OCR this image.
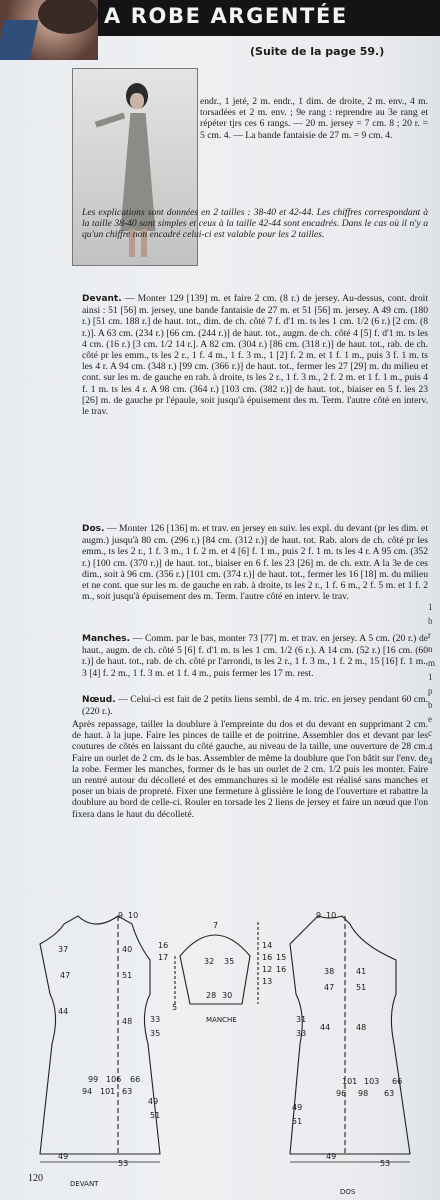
A ROBE ARGENTÉE
(Suite de la page 59.)
endr., 1 jeté, 2 m. endr., 1 dim. de droite, 2 m. env., 4 m. torsadées et 2 m. env. ; 9e rang : reprendre au 3e rang et répéter tjrs ces 6 rangs. — 20 m. jersey = 7 cm. 8 ; 20 r. = 5 cm. 4. — La bande fantaisie de 27 m. = 9 cm. 4.
Les explications sont données en 2 tailles : 38-40 et 42-44. Les chiffres correspondant à la taille 38-40 sont simples et ceux à la taille 42-44 sont encadrés. Dans le cas où il n'y a qu'un chiffre non encadré celui-ci est valable pour les 2 tailles.
Devant. — Monter 129 [139] m. et faire 2 cm. (8 r.) de jersey. Au-dessus, cont. droit ainsi : 51 [56] m. jersey, une bande fantaisie de 27 m. et 51 [56] m. jersey. A 49 cm. (180 r.) [51 cm. 188 r.] de haut. tot., dim. de ch. côté 7 f. d'1 m. ts les 1 cm. 1/2 (6 r.) [2 cm. (8 r.)]. A 63 cm. (234 r.) [66 cm. (244 r.)] de haut. tot., augm. de ch. côté 4 [5] f. d'1 m. ts les 4 cm. (16 r.) [3 cm. 1/2 14 r.]. A 82 cm. (304 r.) [86 cm. (318 r.)] de haut. tot., rab. de ch. côté pr les emm., ts les 2 r., 1 f. 4 m., 1 f. 3 m., 1 [2] f. 2 m. et 1 f. 1 m., puis 3 f. 1 m. ts les 4 r. A 94 cm. (348 r.) [99 cm. (366 r.)] de haut. tot., fermer les 27 [29] m. du milieu et cont. sur les m. de gauche en rab. à droite, ts les 2 r., 1 f. 3 m., 2 f. 2 m. et 1 f. 1 m., puis 4 f. 1 m. ts les 4 r. A 98 cm. (364 r.) [103 cm. (382 r.)] de haut. tot., biaiser en 5 f. les 23 [26] m. de gauche pr l'épaule, soit jusqu'à épuisement des m. Term. l'autre côté en interv. le trav.
Dos. — Monter 126 [136] m. et trav. en jersey en suiv. les expl. du devant (pr les dim. et augm.) jusqu'à 80 cm. (296 r.) [84 cm. (312 r.)] de haut. tot. Rab. alors de ch. côté pr les emm., ts les 2 r., 1 f. 3 m., 1 f. 2 m. et 4 [6] f. 1 m., puis 2 f. 1 m. ts les 4 r. A 95 cm. (352 r.) [100 cm. (370 r.)] de haut. tot., biaiser en 6 f. les 23 [26] m. de ch. extr. A la 3e de ces dim., soit à 96 cm. (356 r.) [101 cm. (374 r.)] de haut. tot., fermer les 16 [18] m. du milieu et ne cont. que sur les m. de gauche en rab. à droite, ts les 2 r., 1 f. 6 m., 2 f. 5 m. et 1 f. 2 m., soit jusqu'à épuisement des m. Term. l'autre côté en interv. le trav.
Manches. — Comm. par le bas, monter 73 [77] m. et trav. en jersey. A 5 cm. (20 r.) de haut., augm. de ch. côté 5 [6] f. d'1 m. ts les 1 cm. 1/2 (6 r.). A 14 cm. (52 r.) [16 cm. (60 r.)] de haut. tot., rab. de ch. côté pr l'arrondi, ts les 2 r., 1 f. 3 m., 1 f. 2 m., 15 [16] f. 1 m., 3 [4] f. 2 m., 1 f. 3 m. et 1 f. 4 m., puis fermer les 17 m. rest.
Nœud. — Celui-ci est fait de 2 petits liens sembl. de 4 m. tric. en jersey pendant 60 cm. (220 r.).
Après repassage, tailler la doublure à l'empreinte du dos et du devant en supprimant 2 cm. de haut. à la jupe. Faire les pinces de taille et de poitrine. Assembler dos et devant par les coutures de côtés en laissant du côté gauche, au niveau de la taille, une ouverture de 28 cm. Faire un ourlet de 2 cm. ds le bas. Assembler de même la doublure que l'on bâtit sur l'env. de la robe. Fermer les manches, former ds le bas un ourlet de 2 cm. 1/2 puis les monter. Faire un rentré autour du décolleté et des emmanchures si le modèle est réalisé sans manches et poser un biais de propreté. Fixer une fermeture à glissière le long de l'ouverture et rabattre la doublure au bord de celle-ci. Rouler en torsade les 2 liens de jersey et faire un nœud que l'on fixera dans le haut du décolleté.
1
b
r
n
m
1
p
b
e
c
4
4
9 10
37	40	16
17
47	51
44
48 33
35
94
99
101
106
63
66
49
51
49
53
DEVANT
7
32 35
28 30
5
14
16
12
13
15
16
MANCHE
9 10
38	41
47	51
44	48
31
33
96
101
98
103
63
66
49
51
49
53
DOS
120
